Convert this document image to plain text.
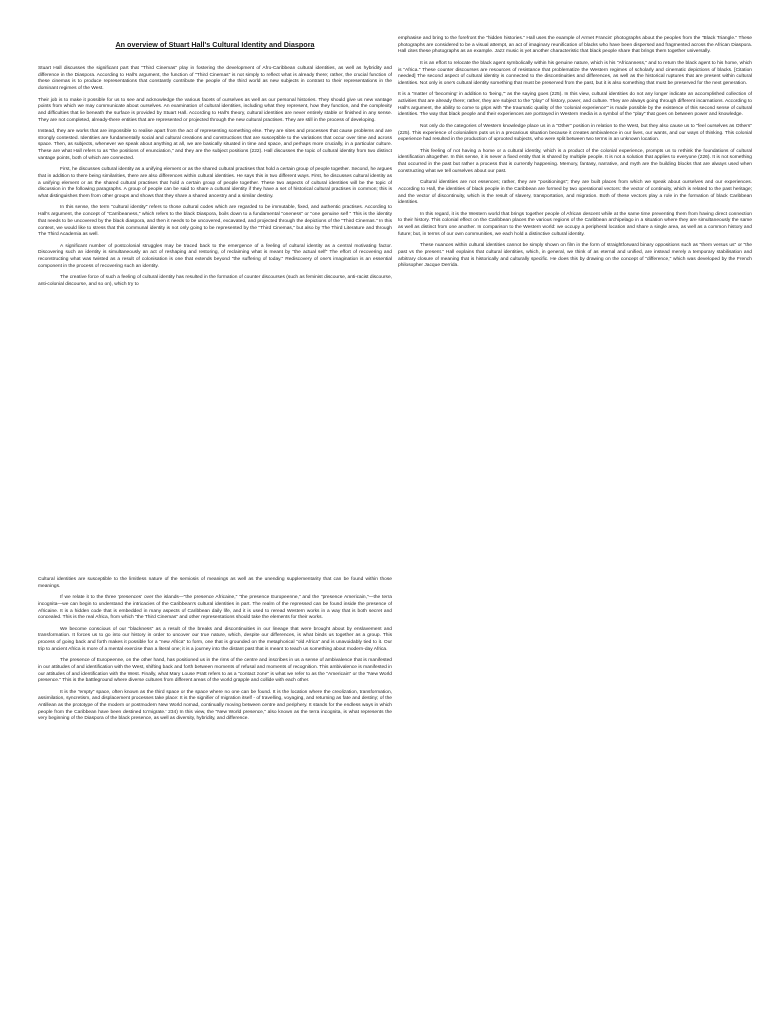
An overview of Stuart Hall's Cultural Identity and Diaspora

Stuart Hall discusses the significant part that "Third Cinemas" play in fostering the development of Afro-Caribbean cultural identities, as well as hybridity and difference in the Diaspora. According to Hall's argument, the function of "Third Cinemas" is not simply to reflect what is already there; rather, the crucial function of these cinemas is to produce representations that constantly contribute the people of the third world as new subjects in contrast to their representations in the dominant regimes of the West.

Their job is to make it possible for us to see and acknowledge the various facets of ourselves as well as our personal histories. They should give us new vantage points from which we may communicate about ourselves. An examination of cultural identities, including what they represent, how they function, and the complexity and difficulties that lie beneath the surface is provided by Stuart Hall. According to Hall's theory, cultural identities are never entirely stable or finished in any sense. They are not completed, already-there entities that are represented or projected through the new cultural practises. They are still in the process of developing.

Instead, they are works that are impossible to realise apart from the act of representing something else. They are sites and processes that cause problems and are strongly contested. Identities are fundamentally social and cultural creations and constructions that are susceptible to the variations that occur over time and across space. Then, as subjects, whenever we speak about anything at all, we are basically situated in time and space, and perhaps more crucially, in a particular culture. These are what Hall refers to as "the positions of enunciation," and they are the subject positions (222). Hall discusses the topic of cultural identity from two distinct vantage points, both of which are connected.

First, he discusses cultural identity as a unifying element or as the shared cultural practises that hold a certain group of people together. Second, he argues that in addition to there being similarities, there are also differences within cultural identities. He says this in two different ways. First, he discusses cultural identity as a unifying element or as the shared cultural practises that hold a certain group of people together. These two aspects of cultural identities will be the topic of discussion in the following paragraphs. A group of people can be said to share a cultural identity if they have a set of historical cultural practises in common; this is what distinguishes them from other groups and shows that they share a shared ancestry and a similar destiny.

In this sense, the term "cultural identity" refers to those cultural codes which are regarded to be immutable, fixed, and authentic practises. According to Hall's argument, the concept of "Carribeaness," which refers to the black Diaspora, boils down to a fundamental "oneness" or "one genuine self " This is the identity that needs to be uncovered by the black diaspora, and then it needs to be uncovered, excavated, and projected through the depictions of the "Third Cinemas." In this context, we would like to stress that this communal identity is not only going to be represented by the "Third Cinemas," but also by The Third Literature and through The Third Academia as well.

A significant number of postcolonial struggles may be traced back to the emergence of a feeling of cultural identity as a central motivating factor. Discovering such an identity is simultaneously an act of reshaping and restoring, of reclaiming what is meant by "the actual self" The effort of recovering and reconstructing what was twisted as a result of colonisation is one that extends beyond "the suffering of today." Rediscovery of one's imagination is an essential component in the process of recovering such an identity.

The creative force of such a feeling of cultural identity has resulted in the formation of counter discourses (such as feminist discourse, anti-racist discourse, anti-colonial discourse, and so on), which try to

emphasise and bring to the forefront the "hidden histories." Hall uses the example of Armet Francis' photographs about the peoples from the "Black Triangle." These photographs are considered to be a visual attempt, an act of imaginary reunification of blacks who have been dispersed and fragmented across the African Diaspora. Hall cites these photographs as an example. Jazz music is yet another characteristic that black people share that brings them together universally.

It is an effort to relocate the black agent symbolically within his genuine nature, which is his "Africanness," and to return the black agent to his home, which is "Africa." These counter discourses are resources of resistance that problematize the Western regimes of scholarly and cinematic depictions of blacks. [Citation needed] The second aspect of cultural identity is connected to the discontinuities and differences, as well as the historical ruptures that are present within cultural identities. Not only is one's cultural identity something that must be preserved from the past, but it is also something that must be preserved for the next generation.

It is a "matter of 'becoming' in addition to 'being,'" as the saying goes (225). In this view, cultural identities do not any longer indicate an accomplished collection of activities that are already there; rather, they are subject to the "play" of history, power, and culture. They are always going through different incarnations. According to Hall's argument, the ability to come to grips with "the traumatic quality of the 'colonial experience'" is made possible by the existence of this second sense of cultural identities. The way that black people and their experiences are portrayed in Western media is a symbol of the "play" that goes on between power and knowledge.

Not only do the categories of Western knowledge place us in a "Other" position in relation to the West, but they also cause us to "feel ourselves as Others" (225). This experience of colonialism puts us in a precarious situation because it creates ambivalence in our lives, our wants, and our ways of thinking. This colonial experience had resulted in the production of uprooted subjects, who were split between two terms in an unknown location.

This feeling of not having a home or a cultural identity, which is a product of the colonial experience, prompts us to rethink the foundations of cultural identification altogether. In this sense, it is never a fixed entity that is shared by multiple people. It is not a solution that applies to everyone (226). It is not something that occurred in the past but rather a process that is currently happening. Memory, fantasy, narrative, and myth are the building blocks that are always used when constructing what we tell ourselves about our past.

Cultural identities are not essences; rather, they are "positionings"; they are built places from which we speak about ourselves and our experiences. According to Hall, the identities of black people in the Caribbean are formed by two operational vectors: the vector of continuity, which is related to the past heritage; and the vector of discontinuity, which is the result of slavery, transportation, and migration. Both of these vectors play a role in the formation of black Caribbean identities.

In this regard, it is the Western world that brings together people of African descent while at the same time preventing them from having direct connection to their history. This colonial effect on the Caribbean places the various regions of the Caribbean archipelago in a situation where they are simultaneously the same as well as distinct from one another. In comparison to the Western world: we occupy a peripheral location and share a single area, as well as a common history and future; but, in terms of our own communities, we each hold a distinctive cultural identity.

These nuances within cultural identities cannot be simply shown on film in the form of straightforward binary oppositions such as "them versus us" or "the past vs the present." Hall explains that cultural identities, which, in general, we think of as eternal and unified, are instead merely a temporary stabilisation and arbitrary closure of meaning that is historically and culturally specific. He does this by drawing on the concept of "difference," which was developed by the French philosopher Jacque Derrida.

Cultural identities are susceptible to the limitless nature of the semiosis of meanings as well as the unending supplementarity that can be found within those meanings.

If we relate it to the three 'presences' over the islands—"the presence Africaine," "the presence Europeenne," and the "presence Americain,"—the terra incognita—we can begin to understand the intricacies of the Caribbean's cultural identities in part. The realm of the repressed can be found inside the presence of Africaine. It is a hidden code that is embedded in many aspects of Caribbean daily life, and it is used to reread Western works in a way that is both secret and concealed. This is the real Africa, from which "the Third Cinemas" and other representations should take the elements for their works.

We become conscious of our "blackness" as a result of the breaks and discontinuities in our lineage that were brought about by enslavement and transformation. It forces us to go into our history in order to uncover our true nature, which, despite our differences, is what binds us together as a group. This process of going back and forth makes it possible for a "new Africa" to form, one that is grounded on the metaphorical "old Africa" and is unavoidably tied to it. Our trip to ancient Africa is more of a mental exercise than a literal one; it is a journey into the distant past that is meant to teach us something about modern-day Africa.

The presence of Europeenne, on the other hand, has positioned us in the rims of the centre and inscribes in us a sense of ambivalence that is manifested in our attitudes of and identification with the West, shifting back and forth between moments of refusal and moments of recognition. This ambivalence is manifested in our attitudes of and identification with the West. Finally, what Mary Louse Pratt refers to as a "contact zone" is what we refer to as the "Americain" or the "New World presence." This is the battleground where diverse cultures from different areas of the world grapple and collide with each other.

It is the "empty" space, often known as the third space or the space where no one can be found. It is the location where the creolization, transformation, assimilation, syncretism, and displacement processes take place: It is the signifier of migration itself - of travelling, voyaging, and returning as fate and destiny; of the Antillean as the prototype of the modern or postmodern New World nomad, continually moving between centre and periphery. It stands for the endless ways in which people from the Caribbean have been destined to'migrate.' 234) In this view, the "New World presence," also known as the terra incognita, is what represents the very beginning of the Diaspora of the black presence, as well as diversity, hybridity, and difference.
